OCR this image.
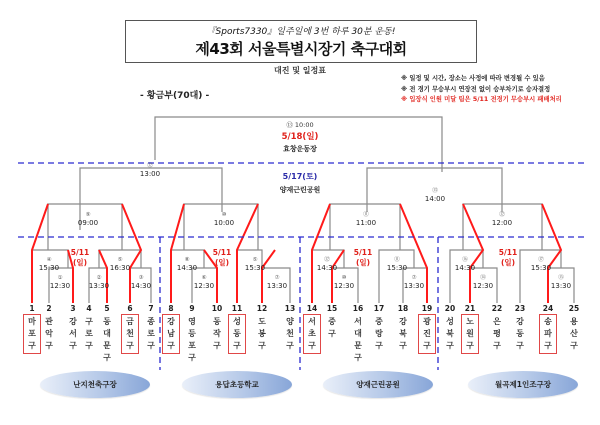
『Sports7330』일주일에 3번 하루 30분 운동!
제43회 서울특별시장기 축구대회
대진 및 일정표
※ 일정 및 시간, 장소는 사정에 따라 변경될 수 있음
※ 전 경기 무승부시 연장전 없이 승부차기로 승자결정
※ 입장식 인원 미달 팀은 5/11 전경기 무승부시 패배처리
- 황금부(70대) -
⑬ 10:00
5/18(일)
효창운동장
5/17(토)
양재근린공원
⑫
13:00
⑬
14:00
⑨
09:00
⑩
10:00
⑪
11:00
⑫
12:00
④
15:30
⑤
16:30
⑧
14:30
⑤
15:30
⑫
14:30
⑪
15:30
⑯
14:30
⑰
15:30
①
12:30
②
13:30
③
14:30
⑥
12:30
⑦
13:30
⑩
12:30
⑦
13:30
⑭
12:30
⑮
13:30
5/11
(일)
5/11
(일)
5/11
(일)
5/11
(일)
1
마포구
2
관악구
3
강서구
4
구로구
5
동대문구
6
금천구
7
종로구
8
강남구
9
영등포구
10
동작구
11
성동구
12
도봉구
13
양천구
14
서초구
15
중구
16
서대문구
17
중랑구
18
강북구
19
광진구
20
성북구
21
노원구
22
은평구
23
강동구
24
송파구
25
용산구
난지천축구장	용답초등학교	양재근린공원	월곡제1인조구장
